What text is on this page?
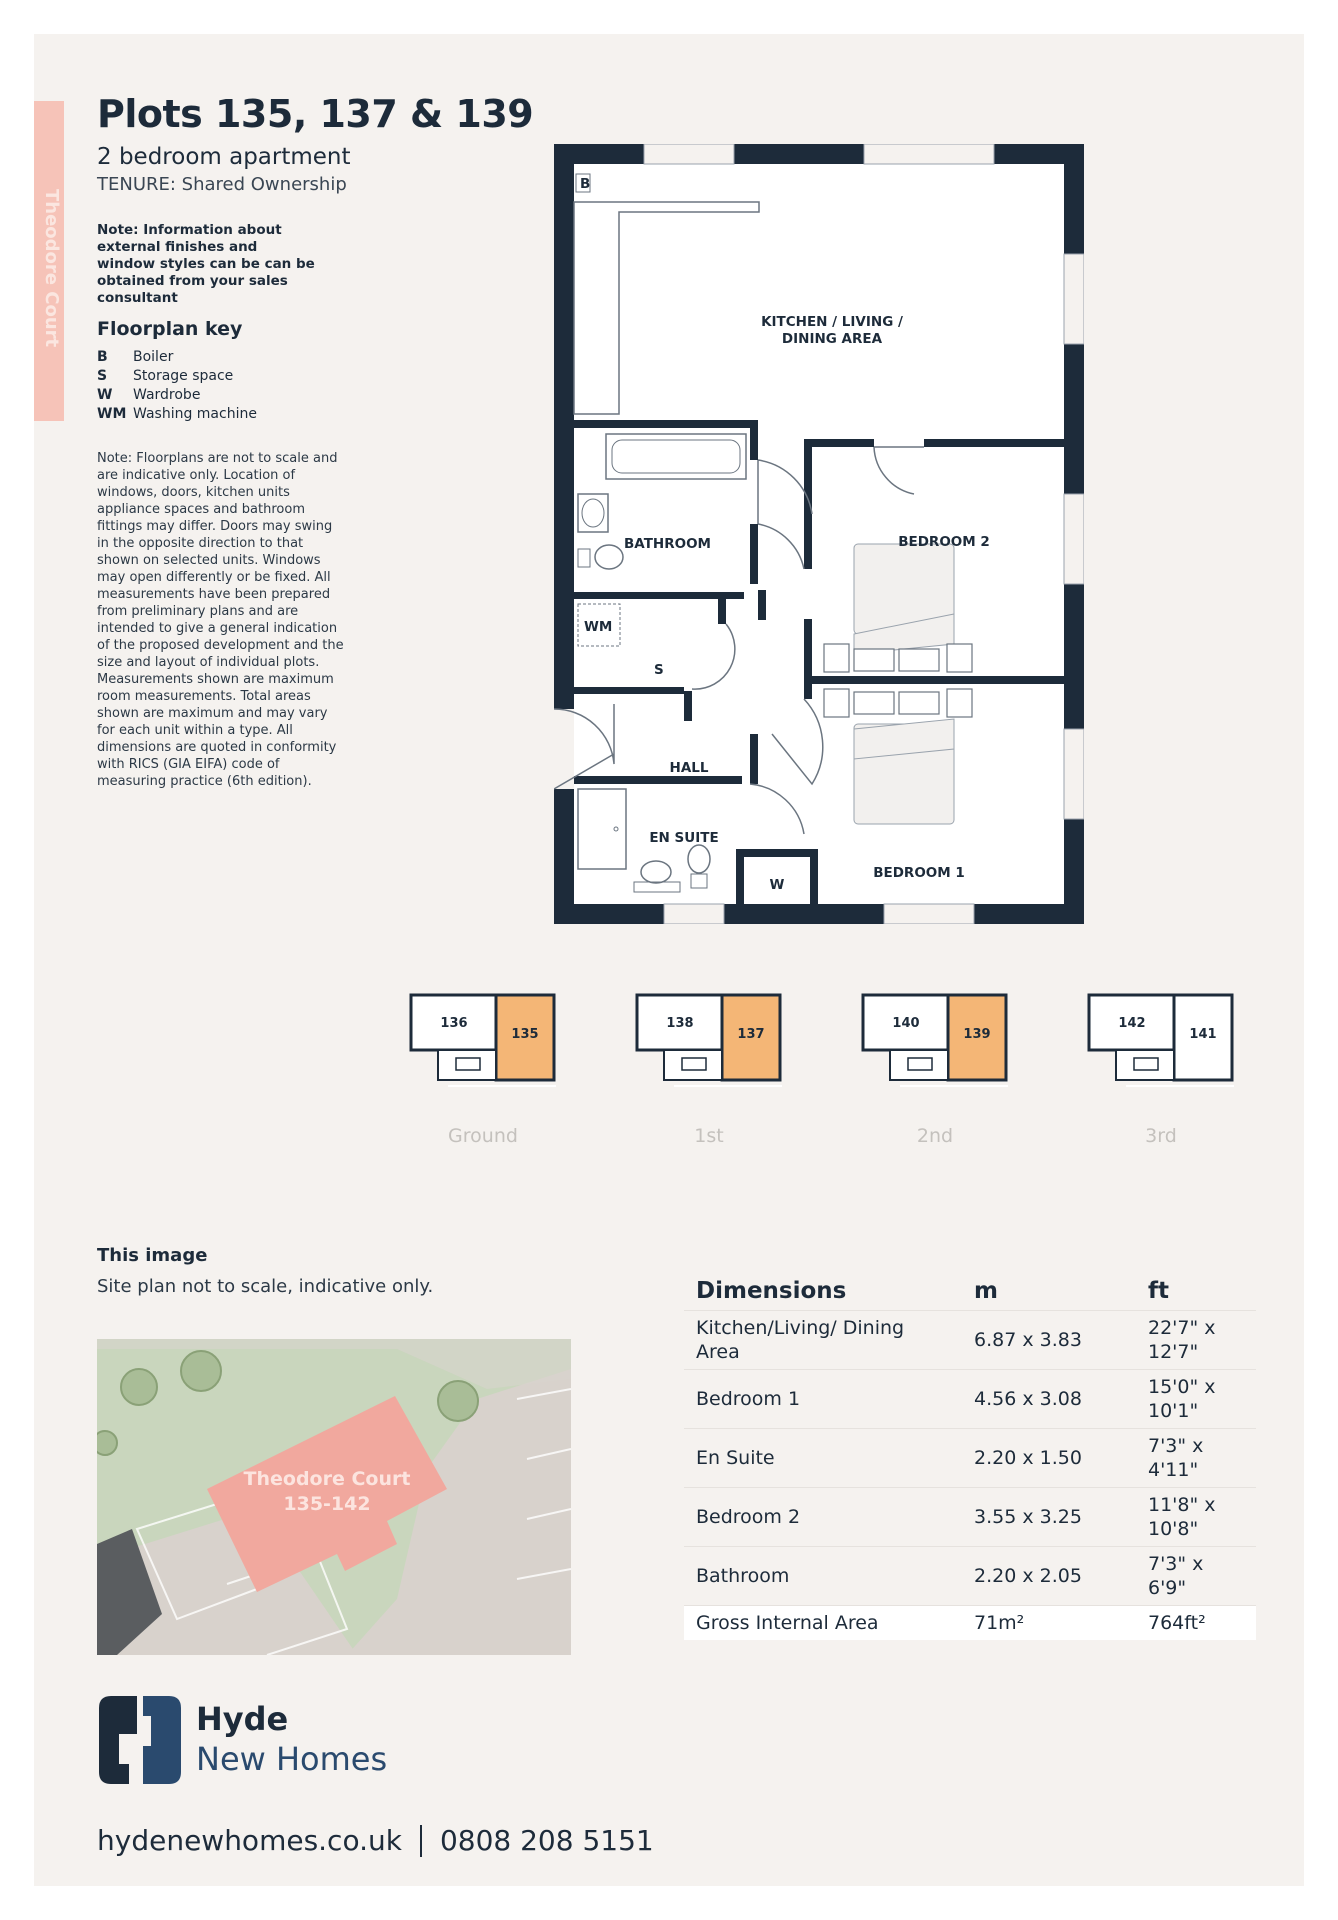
Theodore Court
Plots 135, 137 & 139
2 bedroom apartment
TENURE: Shared Ownership
Note: Information about external finishes and window styles can be can be obtained from your sales consultant
Floorplan key
B	Boiler
S	Storage space
W	Wardrobe
WM Washing machine
Note: Floorplans are not to scale and are indicative only. Location of windows, doors, kitchen units appliance spaces and bathroom fittings may differ. Doors may swing in the opposite direction to that shown on selected units. Windows may open differently or be fixed. All measurements have been prepared from preliminary plans and are intended to give a general indication of the proposed development and the size and layout of individual plots. Measurements shown are maximum room measurements. Total areas shown are maximum and may vary for each unit within a type. All dimensions are quoted in conformity with RICS (GIA EIFA) code of measuring practice (6th edition).
B
KITCHEN / LIVING /
DINING AREA
BATHROOM	BEDROOM 2
WM
S
HALL
EN SUITE
BEDROOM 1
W
136
135
Ground
138
137
1st
140
139
2nd
142
141
3rd
This image
Site plan not to scale, indicative only.
Theodore Court
135-142
Dimensions	m	ft
Kitchen/Living/ Dining Area	6.87 x 3.83	22'7" x 12'7"
Bedroom 1	4.56 x 3.08	15'0" x 10'1"
En Suite	2.20 x 1.50	7'3" x 4'11"
Bedroom 2	3.55 x 3.25	11'8" x 10'8"
Bathroom	2.20 x 2.05	7'3" x 6'9"
Gross Internal Area	71m²	764ft²
Hyde
New Homes
hydenewhomes.co.uk 0808 208 5151
